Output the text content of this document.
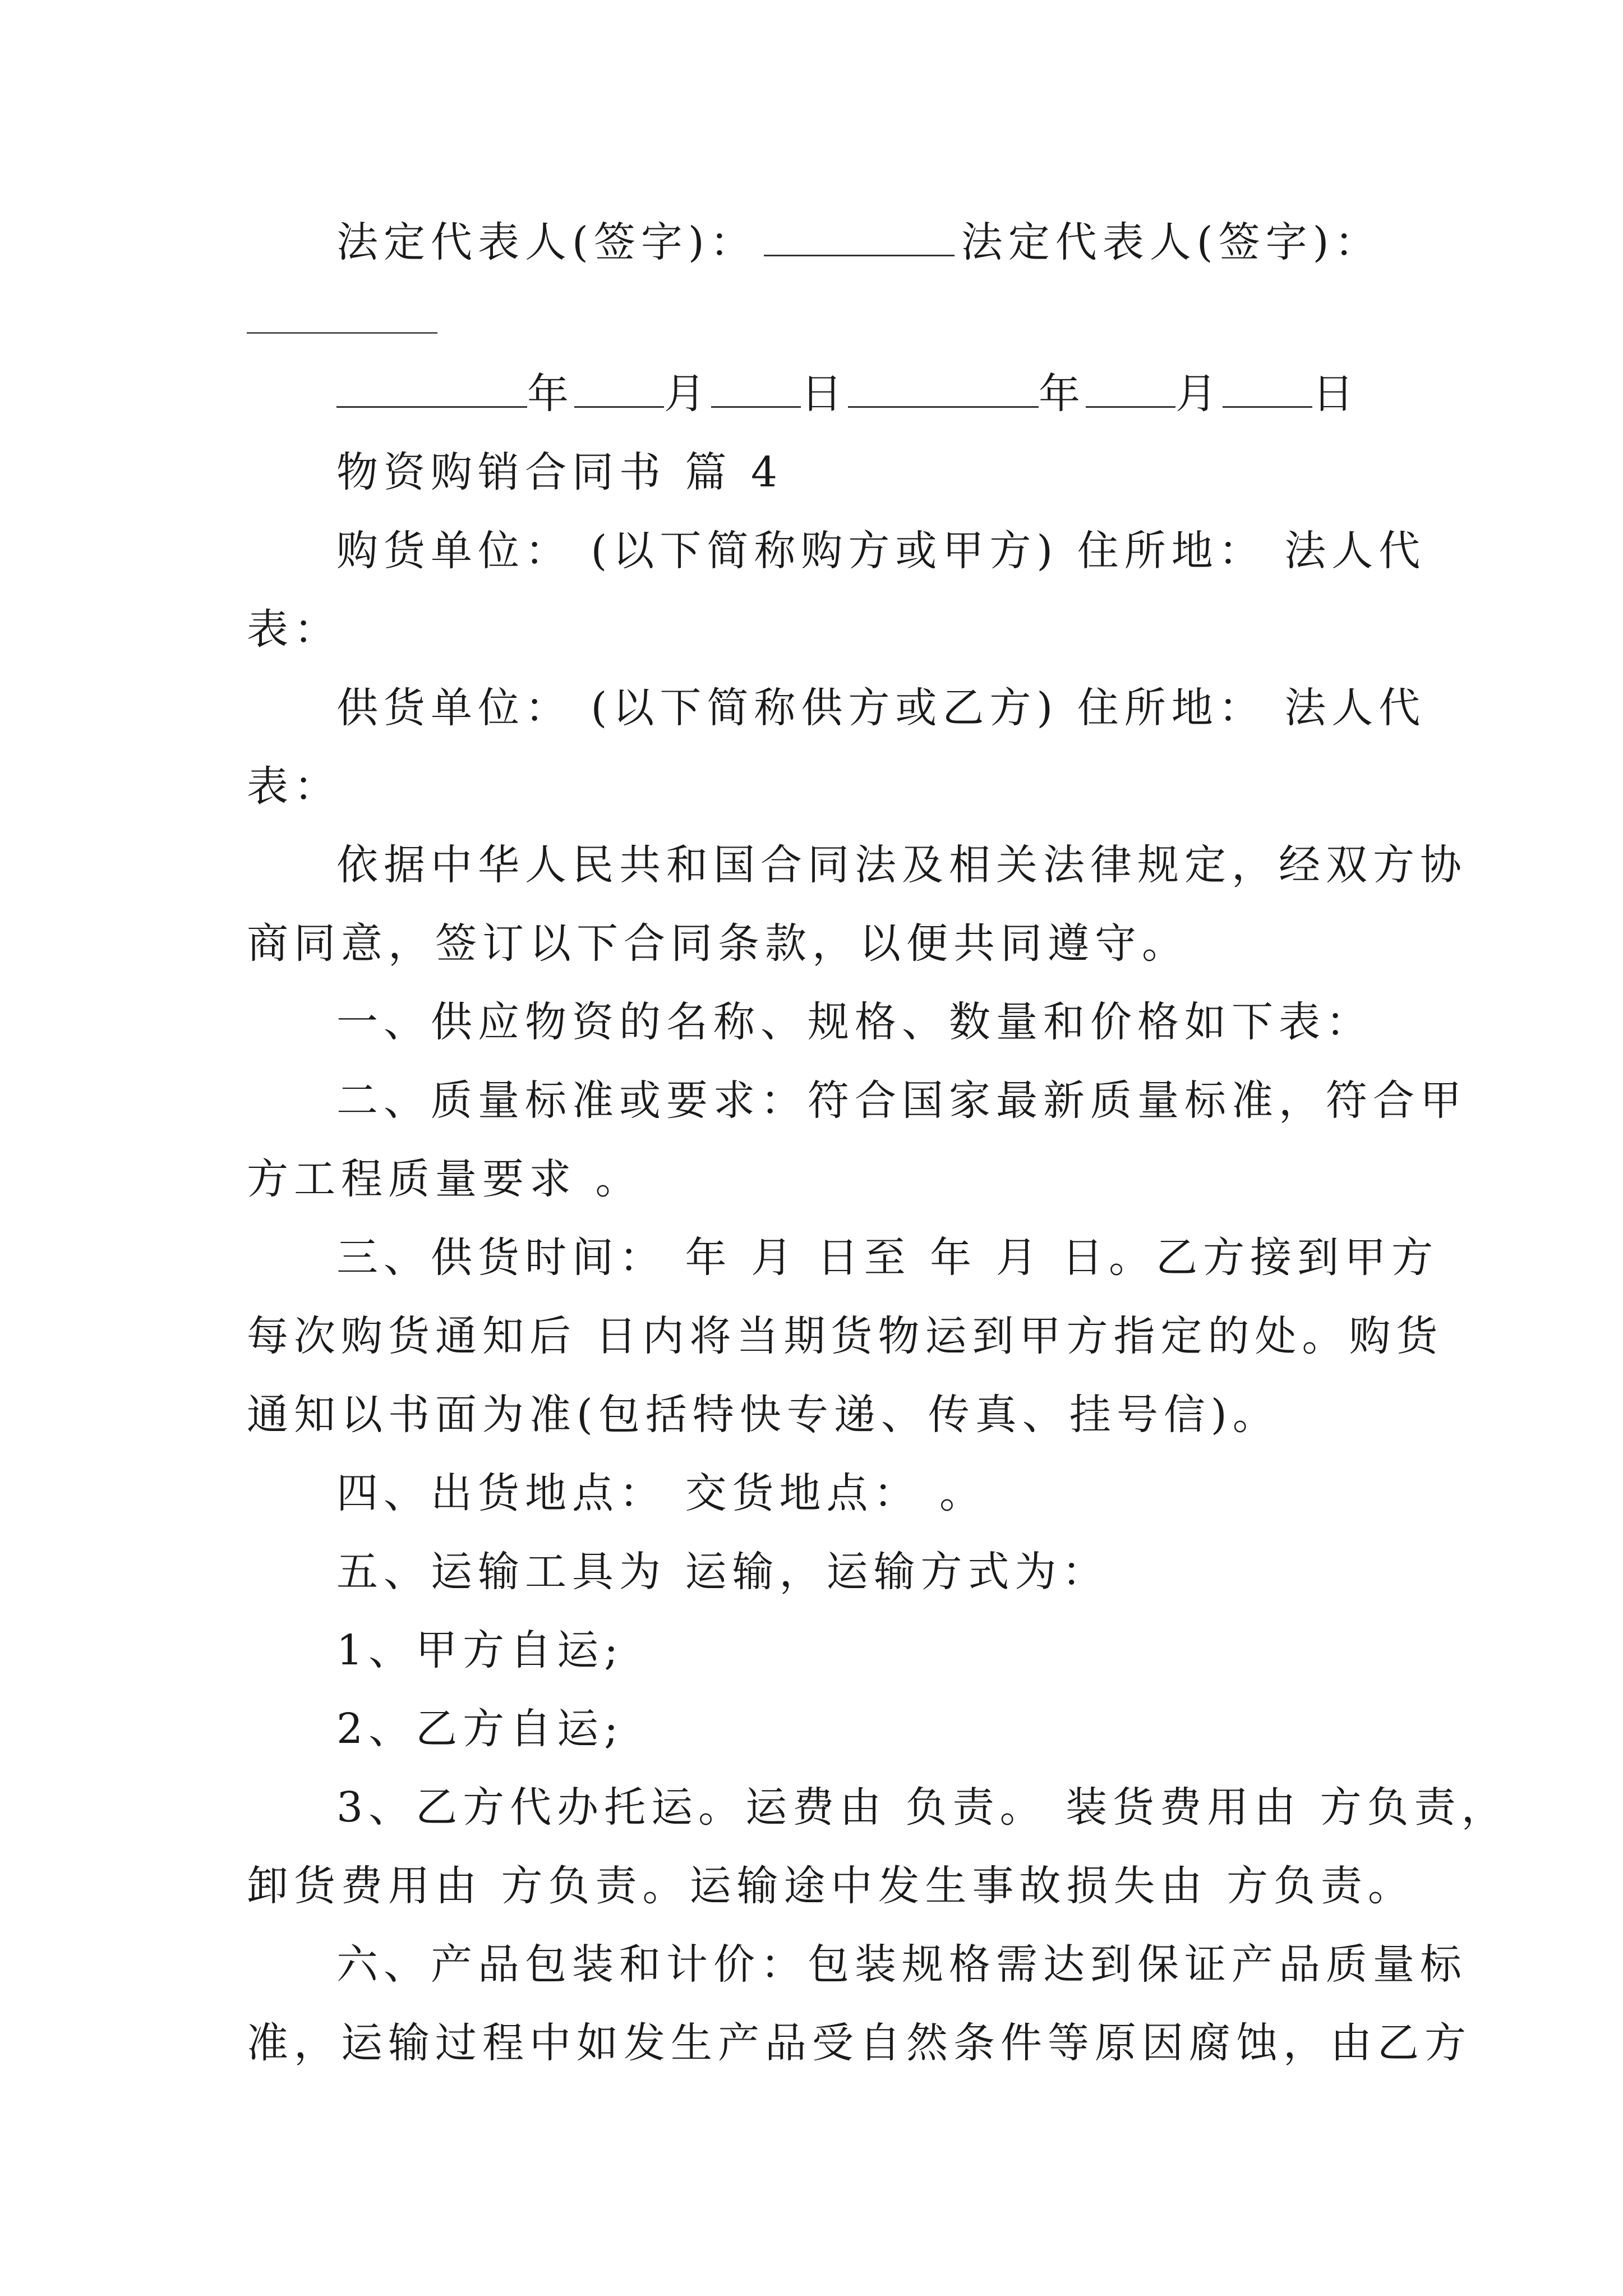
法定代表人(签字)：	法定代表人(签字)：
年 月 日	年 月 日
物资购销合同书 篇 4
购货单位： (以下简称购方或甲方) 住所地： 法人代
表：
供货单位： (以下简称供方或乙方) 住所地： 法人代
表：
依据中华人民共和国合同法及相关法律规定，经双方协
商同意，签订以下合同条款，以便共同遵守。
一、供应物资的名称、规格、数量和价格如下表：
二、质量标准或要求：符合国家最新质量标准，符合甲
方工程质量要求 。
三、供货时间： 年 月 日至 年 月 日。乙方接到甲方
每次购货通知后 日内将当期货物运到甲方指定的处。购货
通知以书面为准(包括特快专递、传真、挂号信)。
四、出货地点： 交货地点： 。
五、运输工具为 运输，运输方式为：
1、甲方自运;
2、乙方自运;
3、乙方代办托运。运费由 负责。 装货费用由 方负责，
卸货费用由 方负责。运输途中发生事故损失由 方负责。
六、产品包装和计价：包装规格需达到保证产品质量标
准，运输过程中如发生产品受自然条件等原因腐蚀，由乙方
